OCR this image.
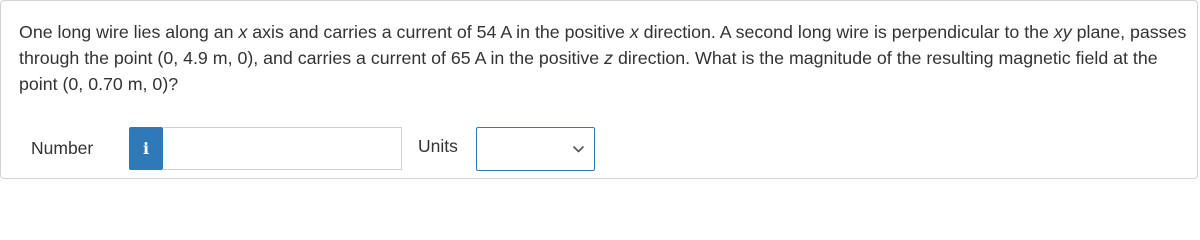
One long wire lies along an x axis and carries a current of 54 A in the positive x direction. A second long wire is perpendicular to the xy plane, passes through the point (0, 4.9 m, 0), and carries a current of 65 A in the positive z direction. What is the magnitude of the resulting magnetic field at the point (0, 0.70 m, 0)?
Number	i	Units
